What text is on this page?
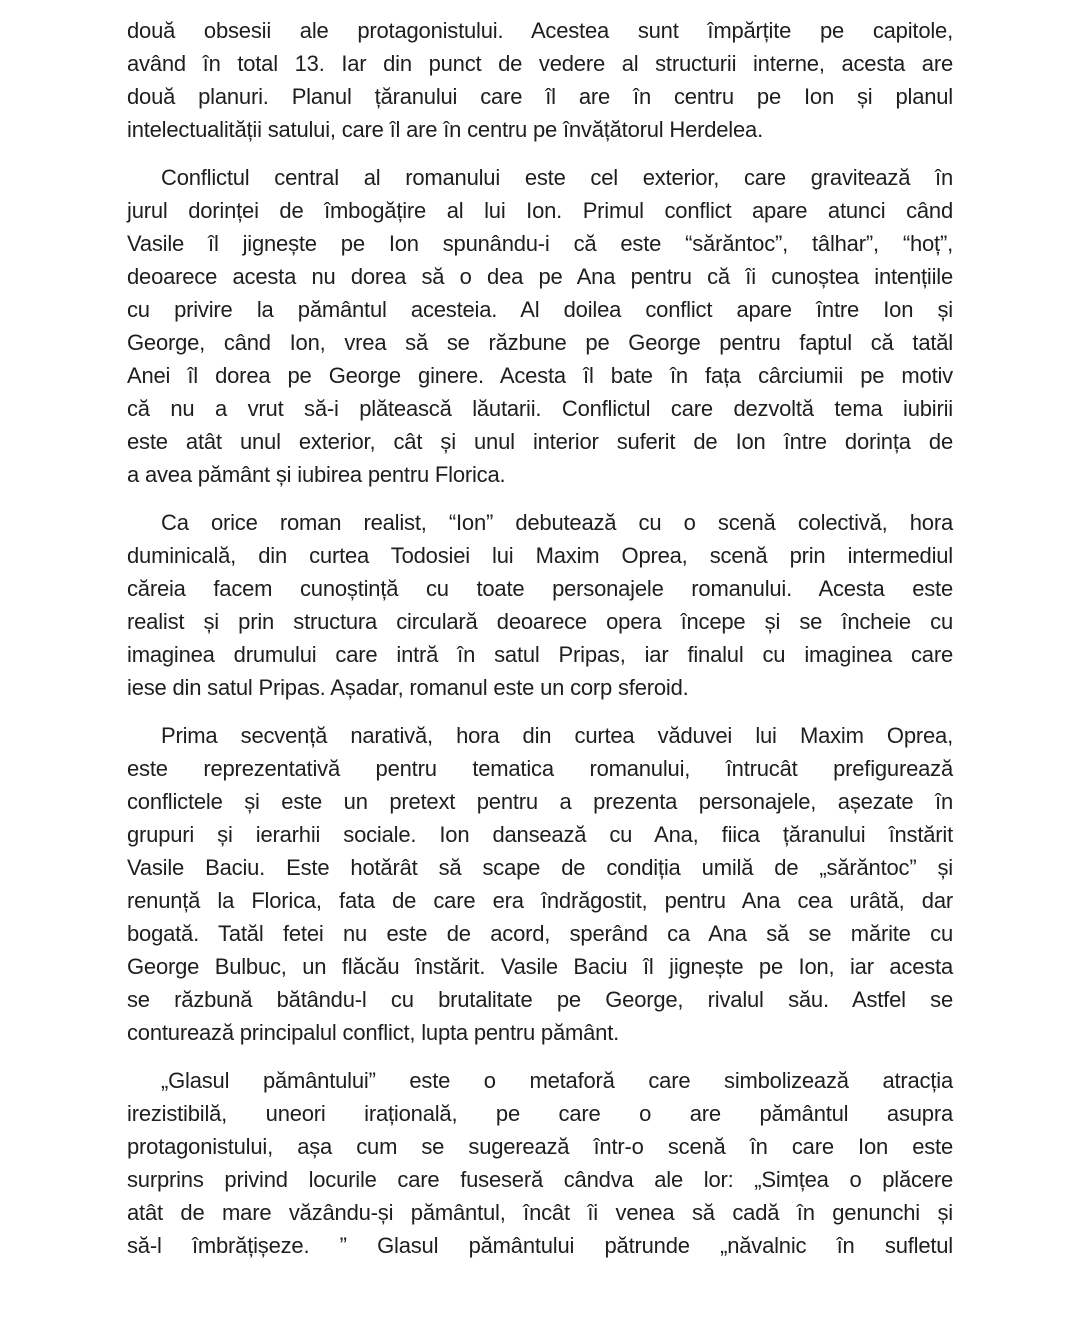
două obsesii ale protagonistului. Acestea sunt împărțite pe capitole,
având în total 13. Iar din punct de vedere al structurii interne, acesta are
două planuri. Planul țăranului care îl are în centru pe Ion și planul
intelectualității satului, care îl are în centru pe învățătorul Herdelea.
Conflictul central al romanului este cel exterior, care gravitează în
jurul dorinței de îmbogățire al lui Ion. Primul conflict apare atunci când
Vasile îl jignește pe Ion spunându-i că este “sărăntoc”, tâlhar”, “hoț”,
deoarece acesta nu dorea să o dea pe Ana pentru că îi cunoștea intențiile
cu privire la pământul acesteia. Al doilea conflict apare între Ion și
George, când Ion, vrea să se răzbune pe George pentru faptul că tatăl
Anei îl dorea pe George ginere. Acesta îl bate în fața cârciumii pe motiv
că nu a vrut să-i plătească lăutarii. Conflictul care dezvoltă tema iubirii
este atât unul exterior, cât și unul interior suferit de Ion între dorința de
a avea pământ și iubirea pentru Florica.
Ca orice roman realist, “Ion” debutează cu o scenă colectivă, hora
duminicală, din curtea Todosiei lui Maxim Oprea, scenă prin intermediul
căreia facem cunoștință cu toate personajele romanului. Acesta este
realist și prin structura circulară deoarece opera începe și se încheie cu
imaginea drumului care intră în satul Pripas, iar finalul cu imaginea care
iese din satul Pripas. Așadar, romanul este un corp sferoid.
Prima secvență narativă, hora din curtea văduvei lui Maxim Oprea,
este reprezentativă pentru tematica romanului, întrucât prefigurează
conflictele și este un pretext pentru a prezenta personajele, așezate în
grupuri și ierarhii sociale. Ion dansează cu Ana, fiica țăranului înstărit
Vasile Baciu. Este hotărât să scape de condiția umilă de „sărăntoc” și
renunță la Florica, fata de care era îndrăgostit, pentru Ana cea urâtă, dar
bogată. Tatăl fetei nu este de acord, sperând ca Ana să se mărite cu
George Bulbuc, un flăcău înstărit. Vasile Baciu îl jignește pe Ion, iar acesta
se răzbună bătându-l cu brutalitate pe George, rivalul său. Astfel se
conturează principalul conflict, lupta pentru pământ.
„Glasul pământului” este o metaforă care simbolizează atracția
irezistibilă, uneori irațională, pe care o are pământul asupra
protagonistului, așa cum se sugerează într-o scenă în care Ion este
surprins privind locurile care fuseseră cândva ale lor: „Simțea o plăcere
atât de mare văzându-și pământul, încât îi venea să cadă în genunchi și
să-l îmbrățișeze. ” Glasul pământului pătrunde „năvalnic în sufletul
